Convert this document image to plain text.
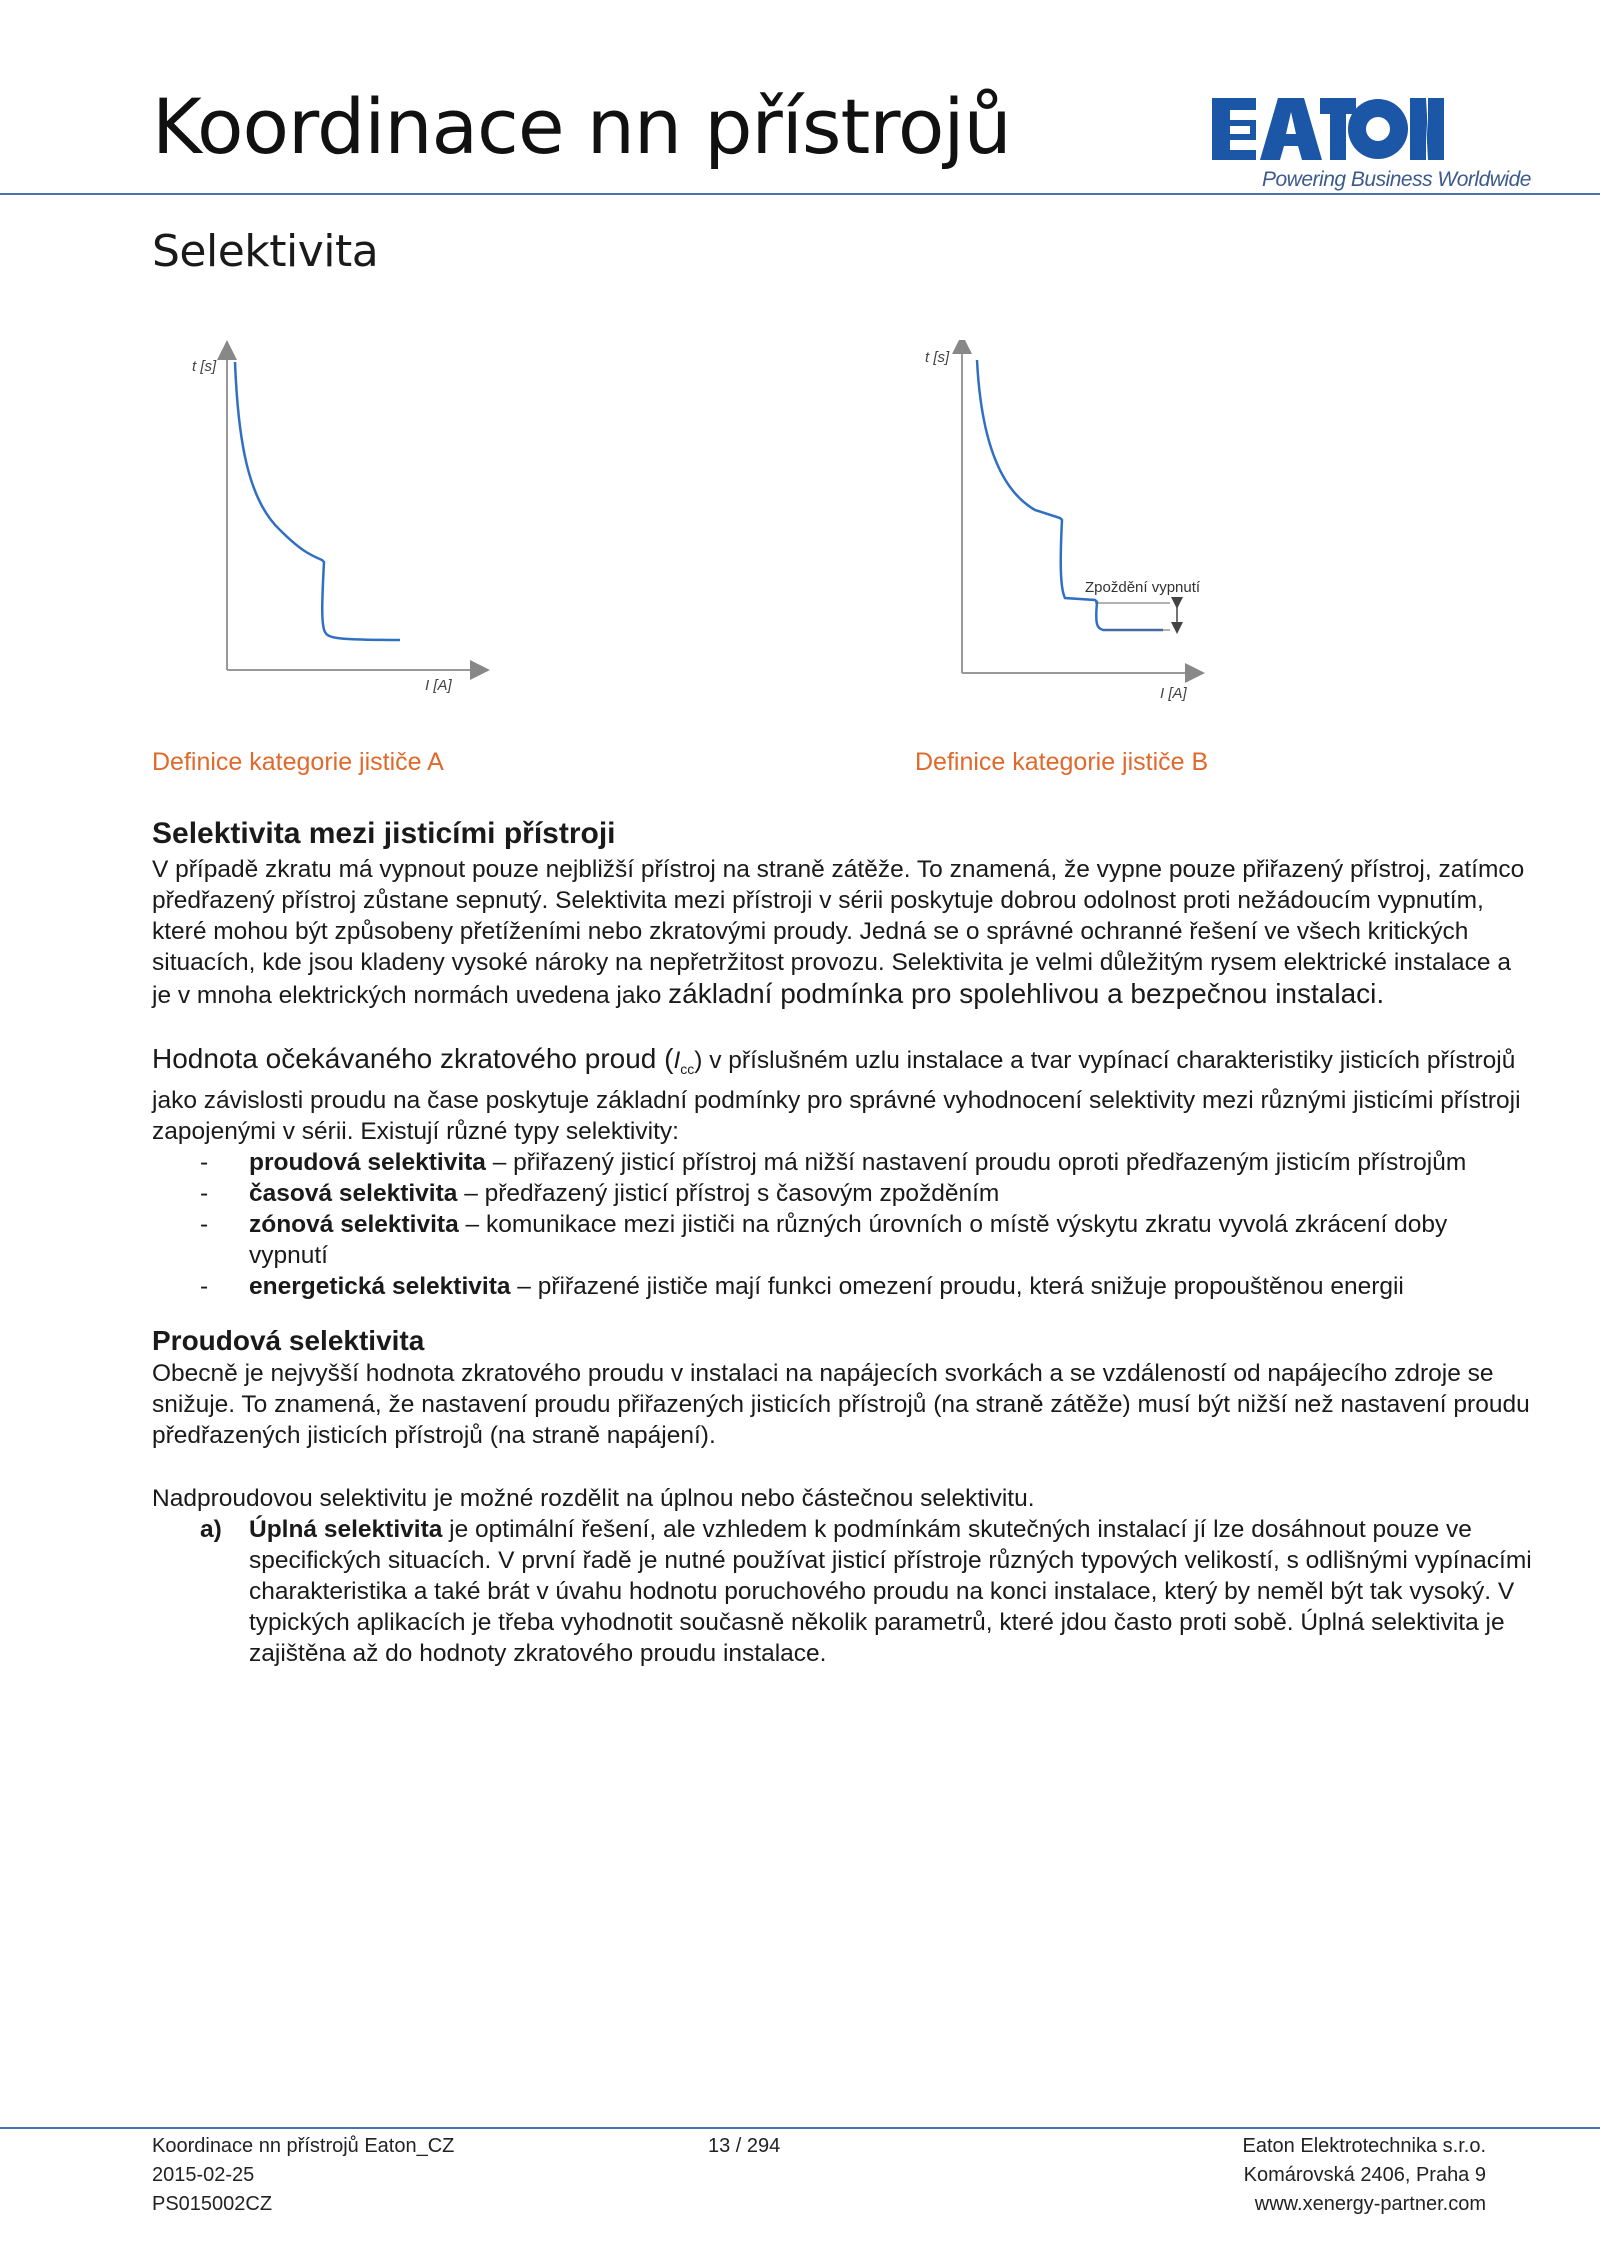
Koordinace nn přístrojů
Powering Business Worldwide
Selektivita
t [s]
I [A]
Definice kategorie jističe A
Zpoždění vypnutí
t [s]
I [A]
Definice kategorie jističe B
Selektivita mezi jisticími přístroji

V případě zkratu má vypnout pouze nejbližší přístroj na straně zátěže. To znamená, že vypne pouze přiřazený přístroj, zatímco předřazený přístroj zůstane sepnutý. Selektivita mezi přístroji v sérii poskytuje dobrou odolnost proti nežádoucím vypnutím, které mohou být způsobeny přetíženími nebo zkratovými proudy. Jedná se o správné ochranné řešení ve všech kritických situacích, kde jsou kladeny vysoké nároky na nepřetržitost provozu. Selektivita je velmi důležitým rysem elektrické instalace a je v mnoha elektrických normách uvedena jako základní podmínka pro spolehlivou a bezpečnou instalaci.

Hodnota očekávaného zkratového proud $(I_{cc})$ v příslušném uzlu instalace a tvar vypínací charakteristiky jisticích přístrojů jako závislosti proudu na čase poskytuje základní podmínky pro správné vyhodnocení selektivity mezi různými jisticími přístroji zapojenými v sérii. Existují různé typy selektivity:

- proudová selektivita – přiřazený jisticí přístroj má nižší nastavení proudu oproti předřazeným jisticím přístrojům
- časová selektivita – předřazený jisticí přístroj s časovým zpožděním
- zónová selektivita – komunikace mezi jističi na různých úrovních o místě výskytu zkratu vyvolá zkrácení doby vypnutí
- energetická selektivita – přiřazené jističe mají funkci omezení proudu, která snižuje propouštěnou energii
Proudová selektivita

Obecně je nejvyšší hodnota zkratového proudu v instalaci na napájecích svorkách a se vzdáleností od napájecího zdroje se snižuje. To znamená, že nastavení proudu přiřazených jisticích přístrojů (na straně zátěže) musí být nižší než nastavení proudu předřazených jisticích přístrojů (na straně napájení).

Nadproudovou selektivitu je možné rozdělit na úplnou nebo částečnou selektivitu.

a) Úplná selektivita je optimální řešení, ale vzhledem k podmínkám skutečných instalací jí lze dosáhnout pouze ve specifických situacích. V první řadě je nutné používat jisticí přístroje různých typových velikostí, s odlišnými vypínacími charakteristika a také brát v úvahu hodnotu poruchového proudu na konci instalace, který by neměl být tak vysoký. V typických aplikacích je třeba vyhodnotit současně několik parametrů, které jdou často proti sobě. Úplná selektivita je zajištěna až do hodnoty zkratového proudu instalace.
Koordinace nn přístrojů Eaton_CZ
2015-02-25
PS015002CZ
13 / 294	Eaton Elektrotechnika s.r.o.
Komárovská 2406, Praha 9
www.xenergy-partner.com
